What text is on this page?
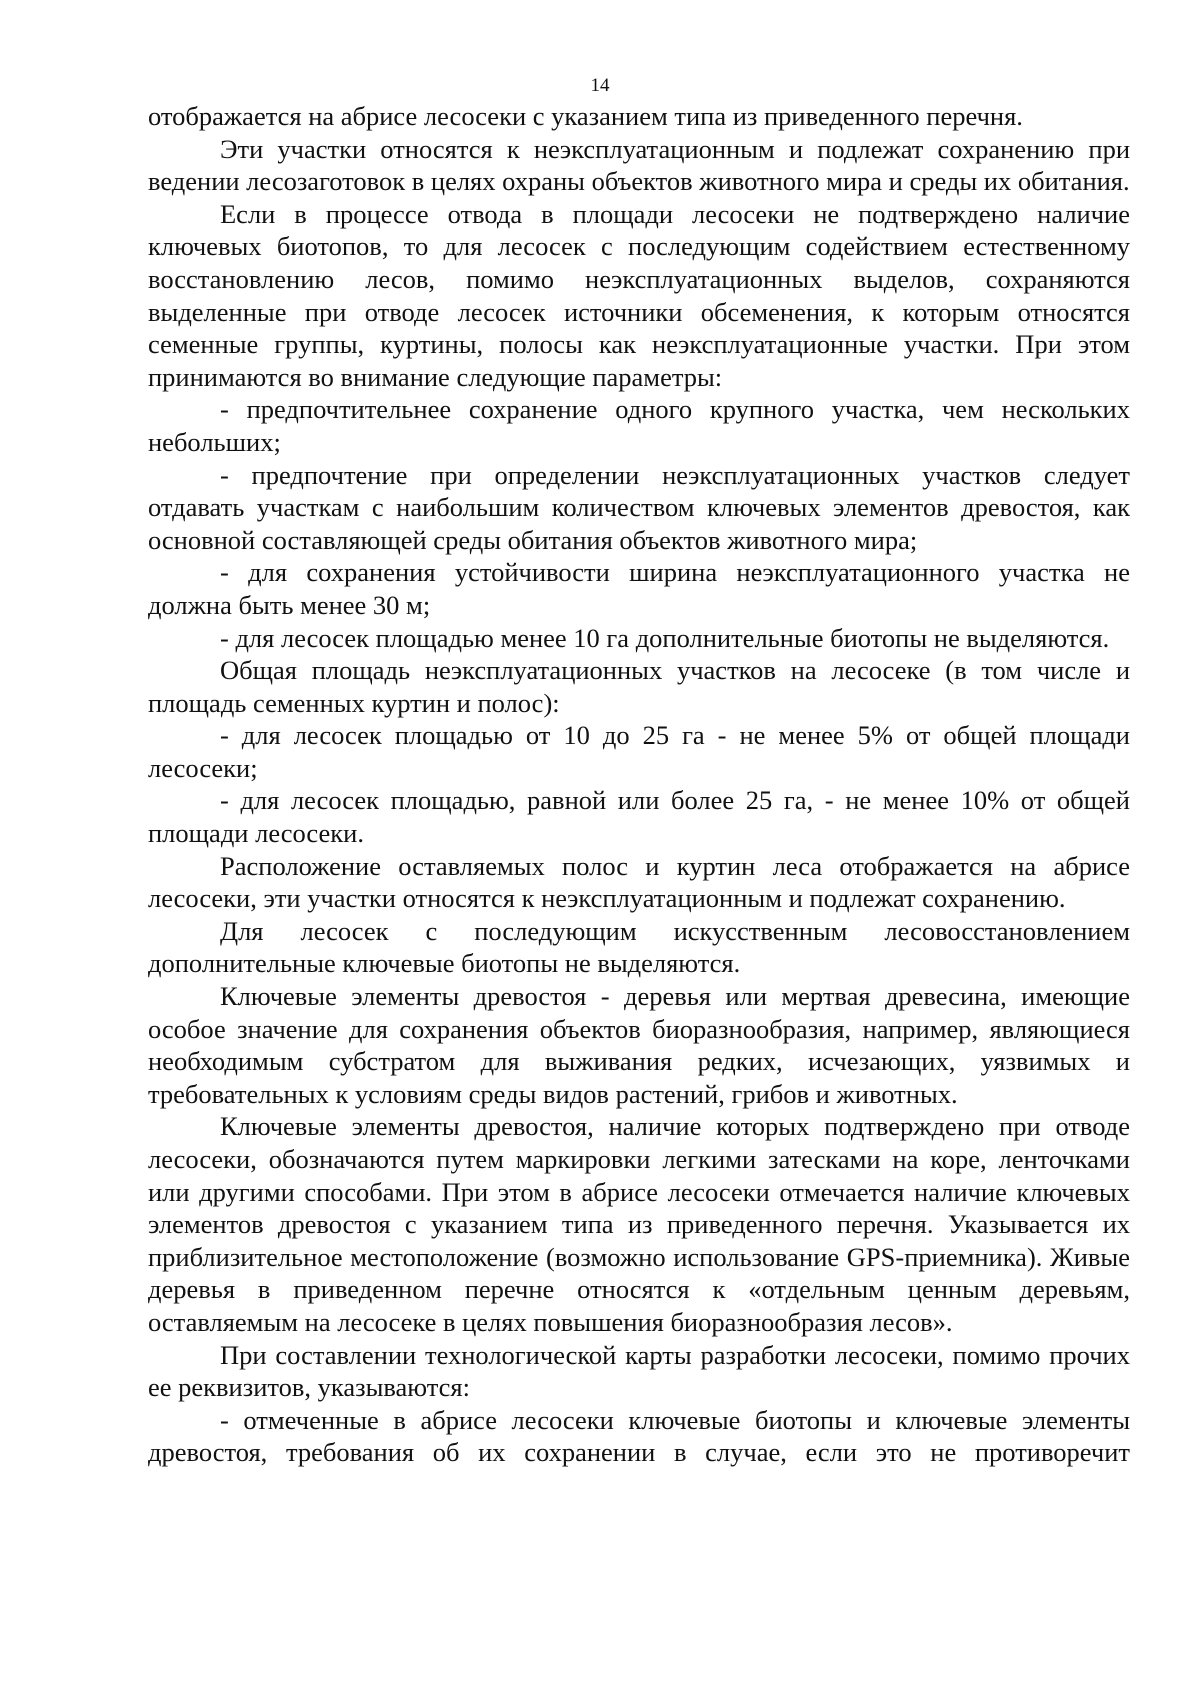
14

отображается на абрисе лесосеки с указанием типа из приведенного перечня.

Эти участки относятся к неэксплуатационным и подлежат сохранению при ведении лесозаготовок в целях охраны объектов животного мира и среды их обитания.

Если в процессе отвода в площади лесосеки не подтверждено наличие ключевых биотопов, то для лесосек с последующим содействием естественному восстановлению лесов, помимо неэксплуатационных выделов, сохраняются выделенные при отводе лесосек источники обсеменения, к которым относятся семенные группы, куртины, полосы как неэксплуатационные участки. При этом принимаются во внимание следующие параметры:

- предпочтительнее сохранение одного крупного участка, чем нескольких небольших;

- предпочтение при определении неэксплуатационных участков следует отдавать участкам с наибольшим количеством ключевых элементов древостоя, как основной составляющей среды обитания объектов животного мира;

- для сохранения устойчивости ширина неэксплуатационного участка не должна быть менее 30 м;

- для лесосек площадью менее 10 га дополнительные биотопы не выделяются.

Общая площадь неэксплуатационных участков на лесосеке (в том числе и площадь семенных куртин и полос):

- для лесосек площадью от 10 до 25 га - не менее 5% от общей площади лесосеки;

- для лесосек площадью, равной или более 25 га, - не менее 10% от общей площади лесосеки.

Расположение оставляемых полос и куртин леса отображается на абрисе лесосеки, эти участки относятся к неэксплуатационным и подлежат сохранению.

Для лесосек с последующим искусственным лесовосстановлением дополнительные ключевые биотопы не выделяются.

Ключевые элементы древостоя - деревья или мертвая древесина, имеющие особое значение для сохранения объектов биоразнообразия, например, являющиеся необходимым субстратом для выживания редких, исчезающих, уязвимых и требовательных к условиям среды видов растений, грибов и животных.

Ключевые элементы древостоя, наличие которых подтверждено при отводе лесосеки, обозначаются путем маркировки легкими затесками на коре, ленточками или другими способами. При этом в абрисе лесосеки отмечается наличие ключевых элементов древостоя с указанием типа из приведенного перечня. Указывается их приблизительное местоположение (возможно использование GPS-приемника). Живые деревья в приведенном перечне относятся к «отдельным ценным деревьям, оставляемым на лесосеке в целях повышения биоразнообразия лесов».

При составлении технологической карты разработки лесосеки, помимо прочих ее реквизитов, указываются:

- отмеченные в абрисе лесосеки ключевые биотопы и ключевые элементы древостоя, требования об их сохранении в случае, если это не противоречит
